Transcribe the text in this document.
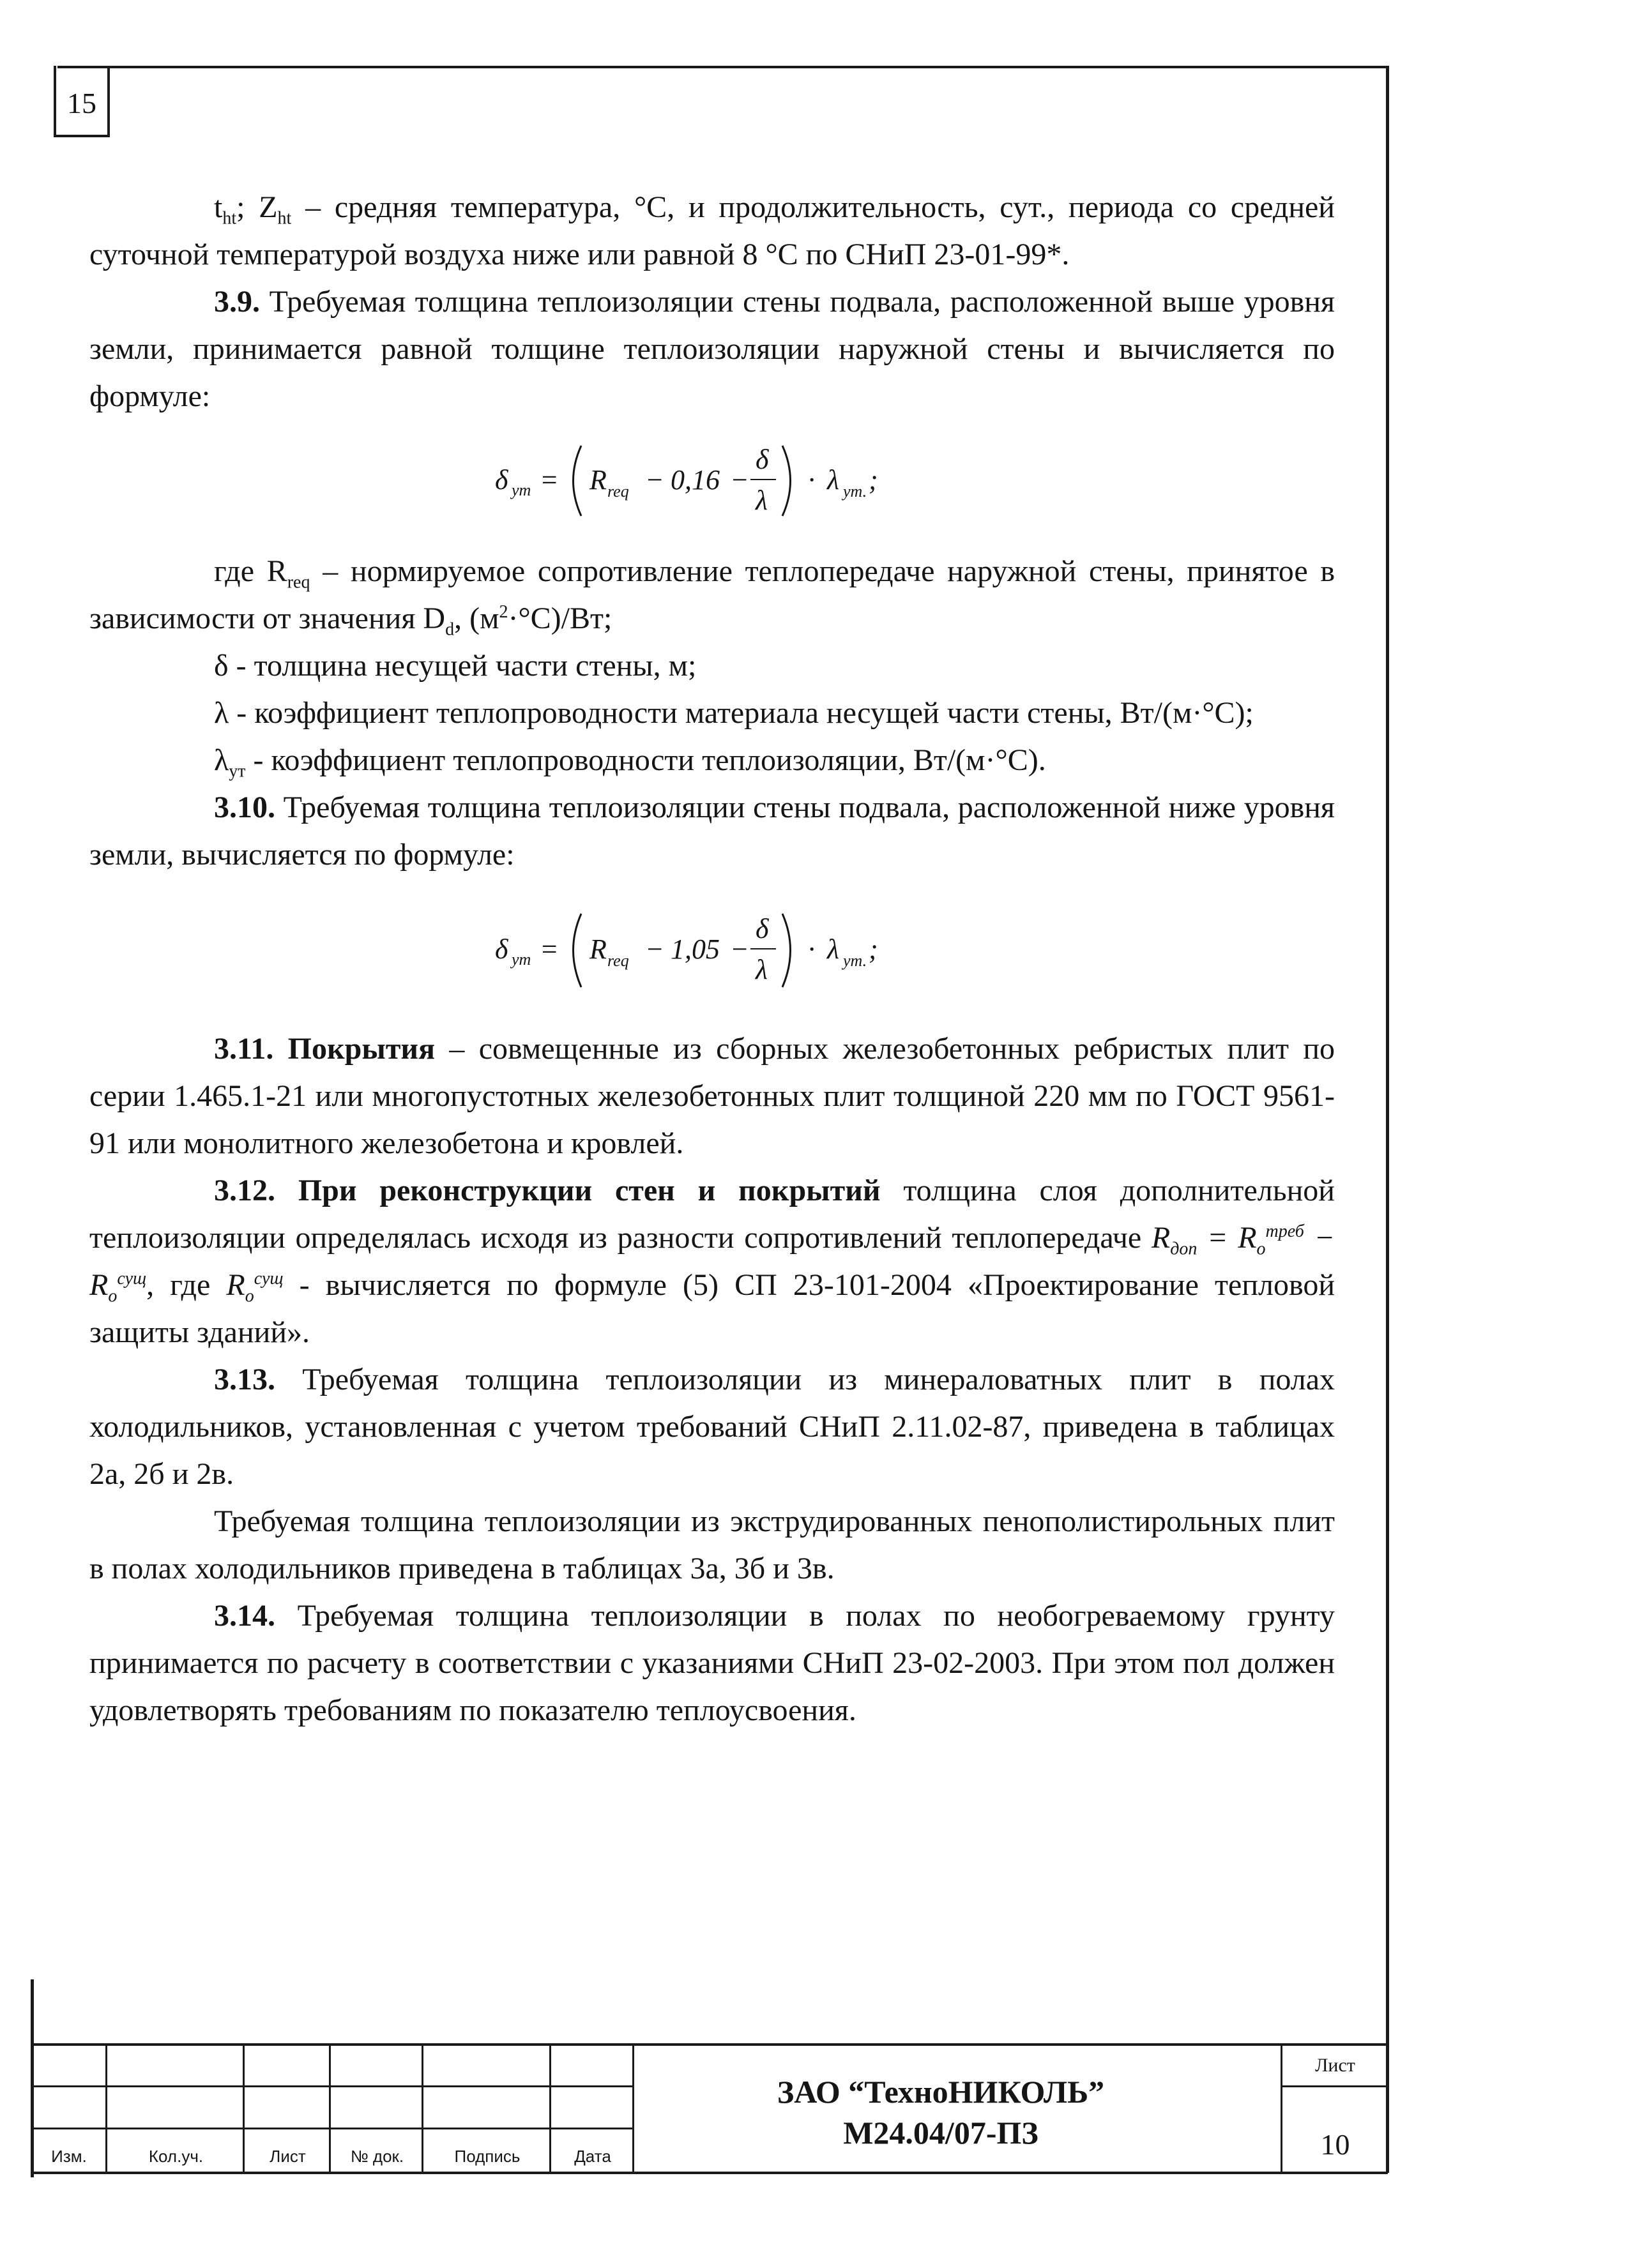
15

$t_{ht}$; $Z_{ht}$ – средняя температура, °С, и продолжительность, сут., периода со средней суточной температурой воздуха ниже или равной 8 °С по СНиП 23-01-99*.

3.9. Требуемая толщина теплоизоляции стены подвала, расположенной выше уровня земли, принимается равной толщине теплоизоляции наружной стены и вычисляется по формуле:

δ ут = R req − 0,16 −
δ
λ
· λ ут. ;

где $R_{req}$ – нормируемое сопротивление теплопередаче наружной стены, принятое в зависимости от значения $D_d$, $(м^2\cdot^\circ С)/Вт$;

δ - толщина несущей части стены, м;

λ - коэффициент теплопроводности материала несущей части стены, Вт/(м·°С);

$\lambda_{ут}$ - коэффициент теплопроводности теплоизоляции, Вт/(м·°С).

3.10. Требуемая толщина теплоизоляции стены подвала, расположенной ниже уровня земли, вычисляется по формуле:

δ ут = R req − 1,05 −
δ
λ
· λ ут. ;

3.11. Покрытия – совмещенные из сборных железобетонных ребристых плит по серии 1.465.1-21 или многопустотных железобетонных плит толщиной 220 мм по ГОСТ 9561-91 или монолитного железобетона и кровлей.

3.12. При реконструкции стен и покрытий толщина слоя дополнительной теплоизоляции определялась исходя из разности сопротивлений теплопередаче $R_{доп} = R_о^{треб} - R_о^{сущ}$, где $R_о^{сущ}$ - вычисляется по формуле (5) СП 23-101-2004 «Проектирование тепловой защиты зданий».

3.13. Требуемая толщина теплоизоляции из минераловатных плит в полах холодильников, установленная с учетом требований СНиП 2.11.02-87, приведена в таблицах 2а, 2б и 2в.

Требуемая толщина теплоизоляции из экструдированных пенополистирольных плит в полах холодильников приведена в таблицах 3а, 3б и 3в.

3.14. Требуемая толщина теплоизоляции в полах по необогреваемому грунту принимается по расчету в соответствии с указаниями СНиП 23-02-2003. При этом пол должен удовлетворять требованиям по показателю теплоусвоения.

Изм.	Кол.уч.	Лист	№ док.	Подпись	Дата
ЗАО “ТехноНИКОЛЬ”
М24.04/07-ПЗ
Лист
10
